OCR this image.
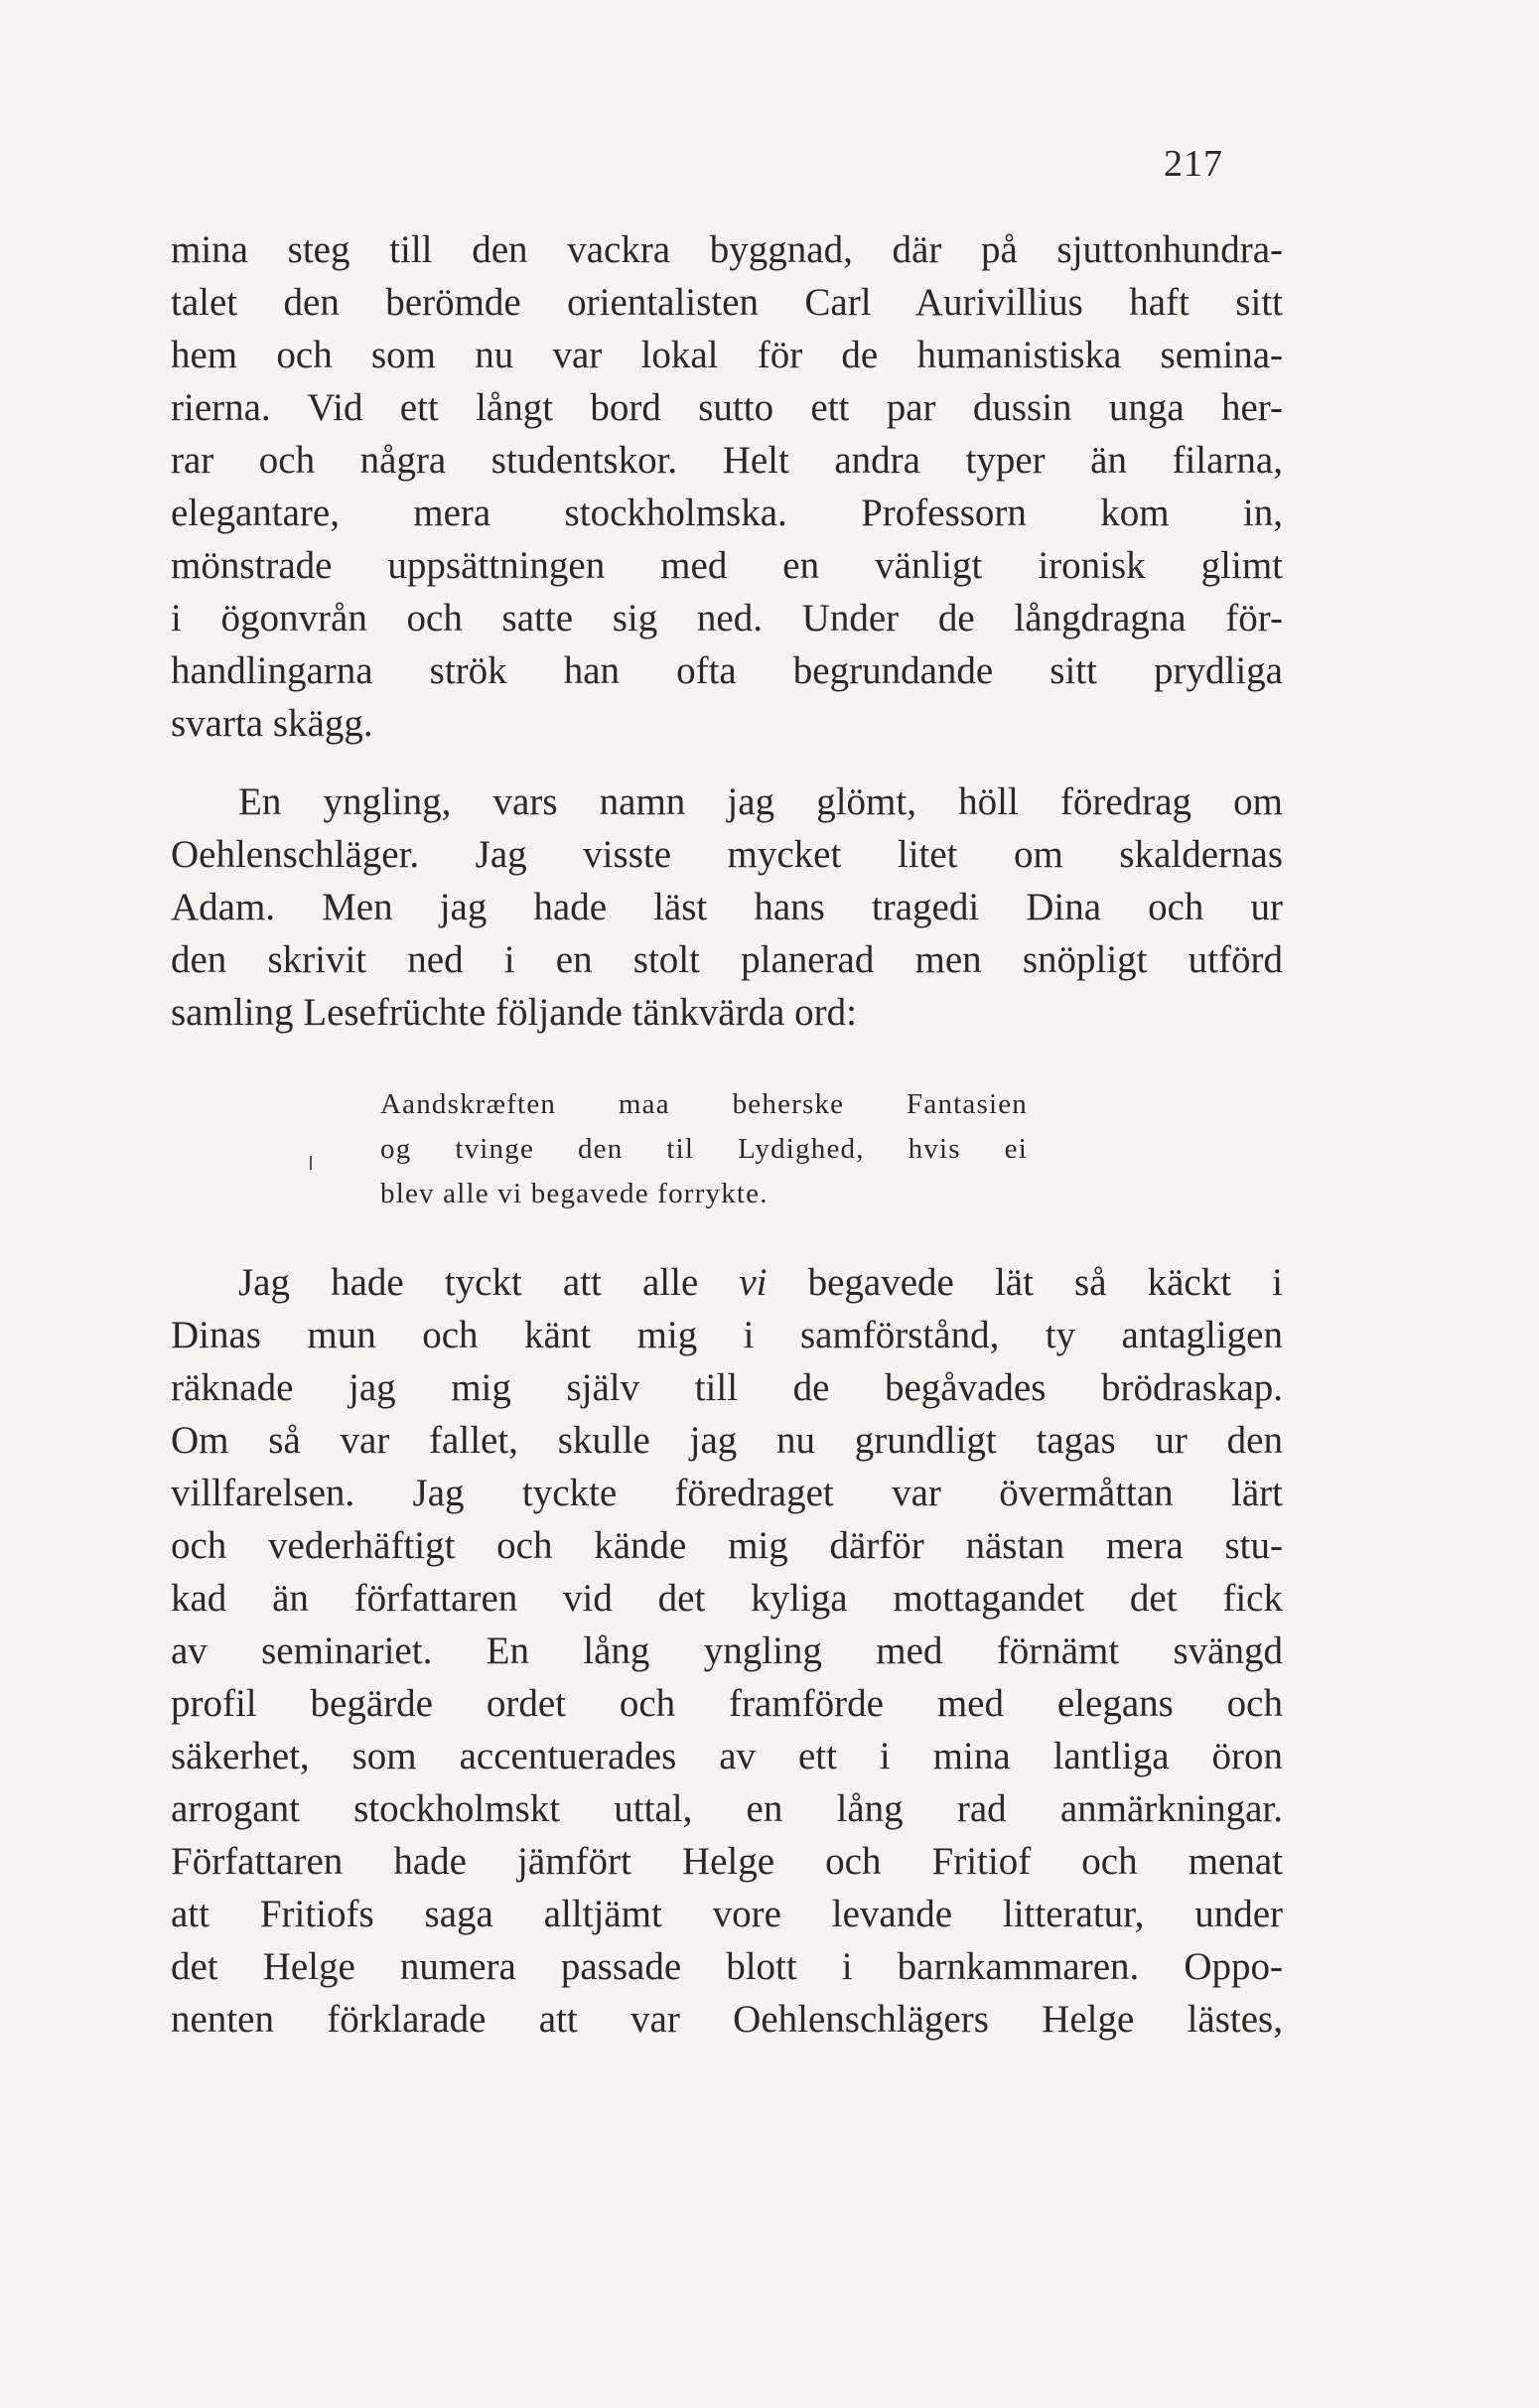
217
mina steg till den vackra byggnad, där på sjuttonhundra-
talet den berömde orientalisten Carl Aurivillius haft sitt
hem och som nu var lokal för de humanistiska semina-
rierna. Vid ett långt bord sutto ett par dussin unga her-
rar och några studentskor. Helt andra typer än filarna,
elegantare, mera stockholmska. Professorn kom in,
mönstrade uppsättningen med en vänligt ironisk glimt
i ögonvrån och satte sig ned. Under de långdragna för-
handlingarna strök han ofta begrundande sitt prydliga
svarta skägg.
En yngling, vars namn jag glömt, höll föredrag om
Oehlenschläger. Jag visste mycket litet om skaldernas
Adam. Men jag hade läst hans tragedi Dina och ur
den skrivit ned i en stolt planerad men snöpligt utförd
samling Lesefrüchte följande tänkvärda ord:
Aandskræften maa beherske Fantasien
og tvinge den til Lydighed, hvis ei
blev alle vi begavede forrykte.
Jag hade tyckt att alle vi begavede lät så käckt i
Dinas mun och känt mig i samförstånd, ty antagligen
räknade jag mig själv till de begåvades brödraskap.
Om så var fallet, skulle jag nu grundligt tagas ur den
villfarelsen. Jag tyckte föredraget var övermåttan lärt
och vederhäftigt och kände mig därför nästan mera stu-
kad än författaren vid det kyliga mottagandet det fick
av seminariet. En lång yngling med förnämt svängd
profil begärde ordet och framförde med elegans och
säkerhet, som accentuerades av ett i mina lantliga öron
arrogant stockholmskt uttal, en lång rad anmärkningar.
Författaren hade jämfört Helge och Fritiof och menat
att Fritiofs saga alltjämt vore levande litteratur, under
det Helge numera passade blott i barnkammaren. Oppo-
nenten förklarade att var Oehlenschlägers Helge lästes,
